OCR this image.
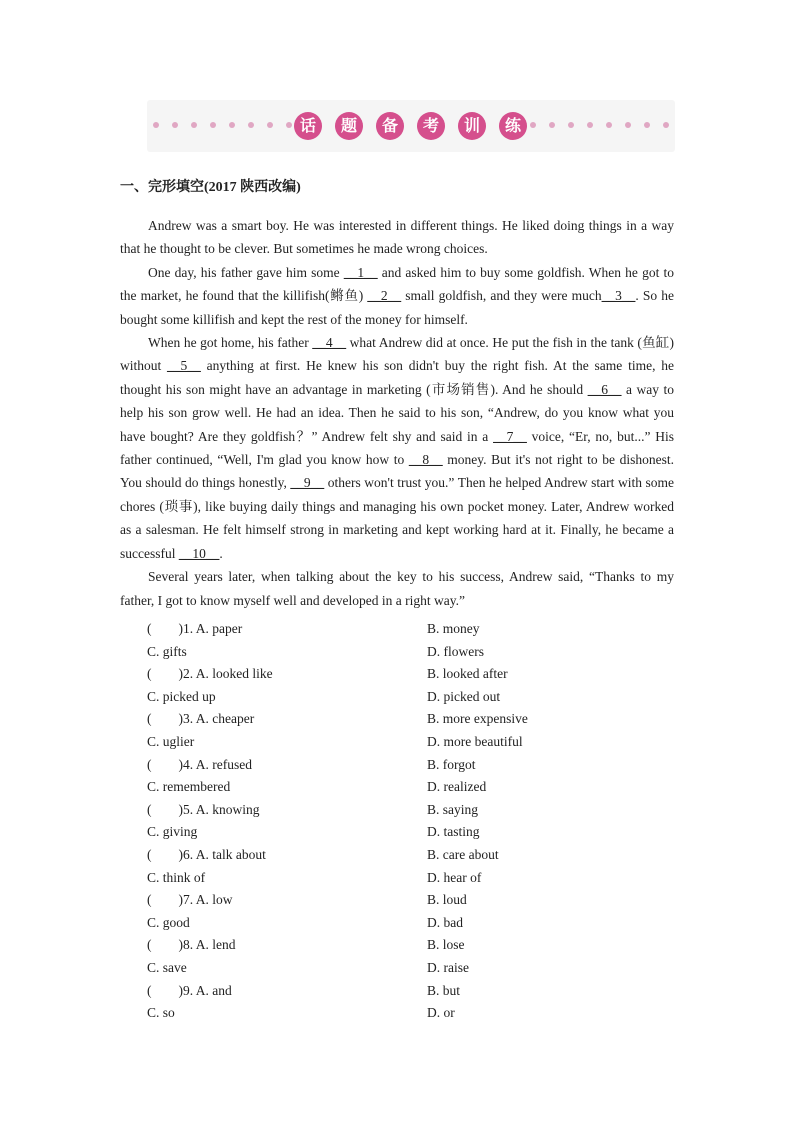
话	题	备	考	训	练
一、完形填空(2017 陕西改编)

Andrew was a smart boy. He was interested in different things. He liked doing things in a way that he thought to be clever. But sometimes he made wrong choices.

One day, his father gave him some __1__ and asked him to buy some goldfish. When he got to the market, he found that the killifish(鳉鱼) __2__ small goldfish, and they were much__3__. So he bought some killifish and kept the rest of the money for himself.

When he got home, his father __4__ what Andrew did at once. He put the fish in the tank (鱼缸) without __5__ anything at first. He knew his son didn't buy the right fish. At the same time, he thought his son might have an advantage in marketing (市场销售). And he should __6__ a way to help his son grow well. He had an idea. Then he said to his son, “Andrew, do you know what you have bought? Are they goldfish？” Andrew felt shy and said in a __7__ voice, “Er, no, but...” His father continued, “Well, I'm glad you know how to __8__ money. But it's not right to be dishonest. You should do things honestly, __9__ others won't trust you.” Then he helped Andrew start with some chores (琐事), like buying daily things and managing his own pocket money. Later, Andrew worked as a salesman. He felt himself strong in marketing and kept working hard at it. Finally, he became a successful __10__.

Several years later, when talking about the key to his success, Andrew said, “Thanks to my father, I got to know myself well and developed in a right way.”

(　　)1. A. paper	B. money
C. gifts	D. flowers
(　　)2. A. looked like	B. looked after
C. picked up	D. picked out
(　　)3. A. cheaper	B. more expensive
C. uglier	D. more beautiful
(　　)4. A. refused	B. forgot
C. remembered	D. realized
(　　)5. A. knowing	B. saying
C. giving	D. tasting
(　　)6. A. talk about	B. care about
C. think of	D. hear of
(　　)7. A. low	B. loud
C. good	D. bad
(　　)8. A. lend	B. lose
C. save	D. raise
(　　)9. A. and	B. but
C. so	D. or
